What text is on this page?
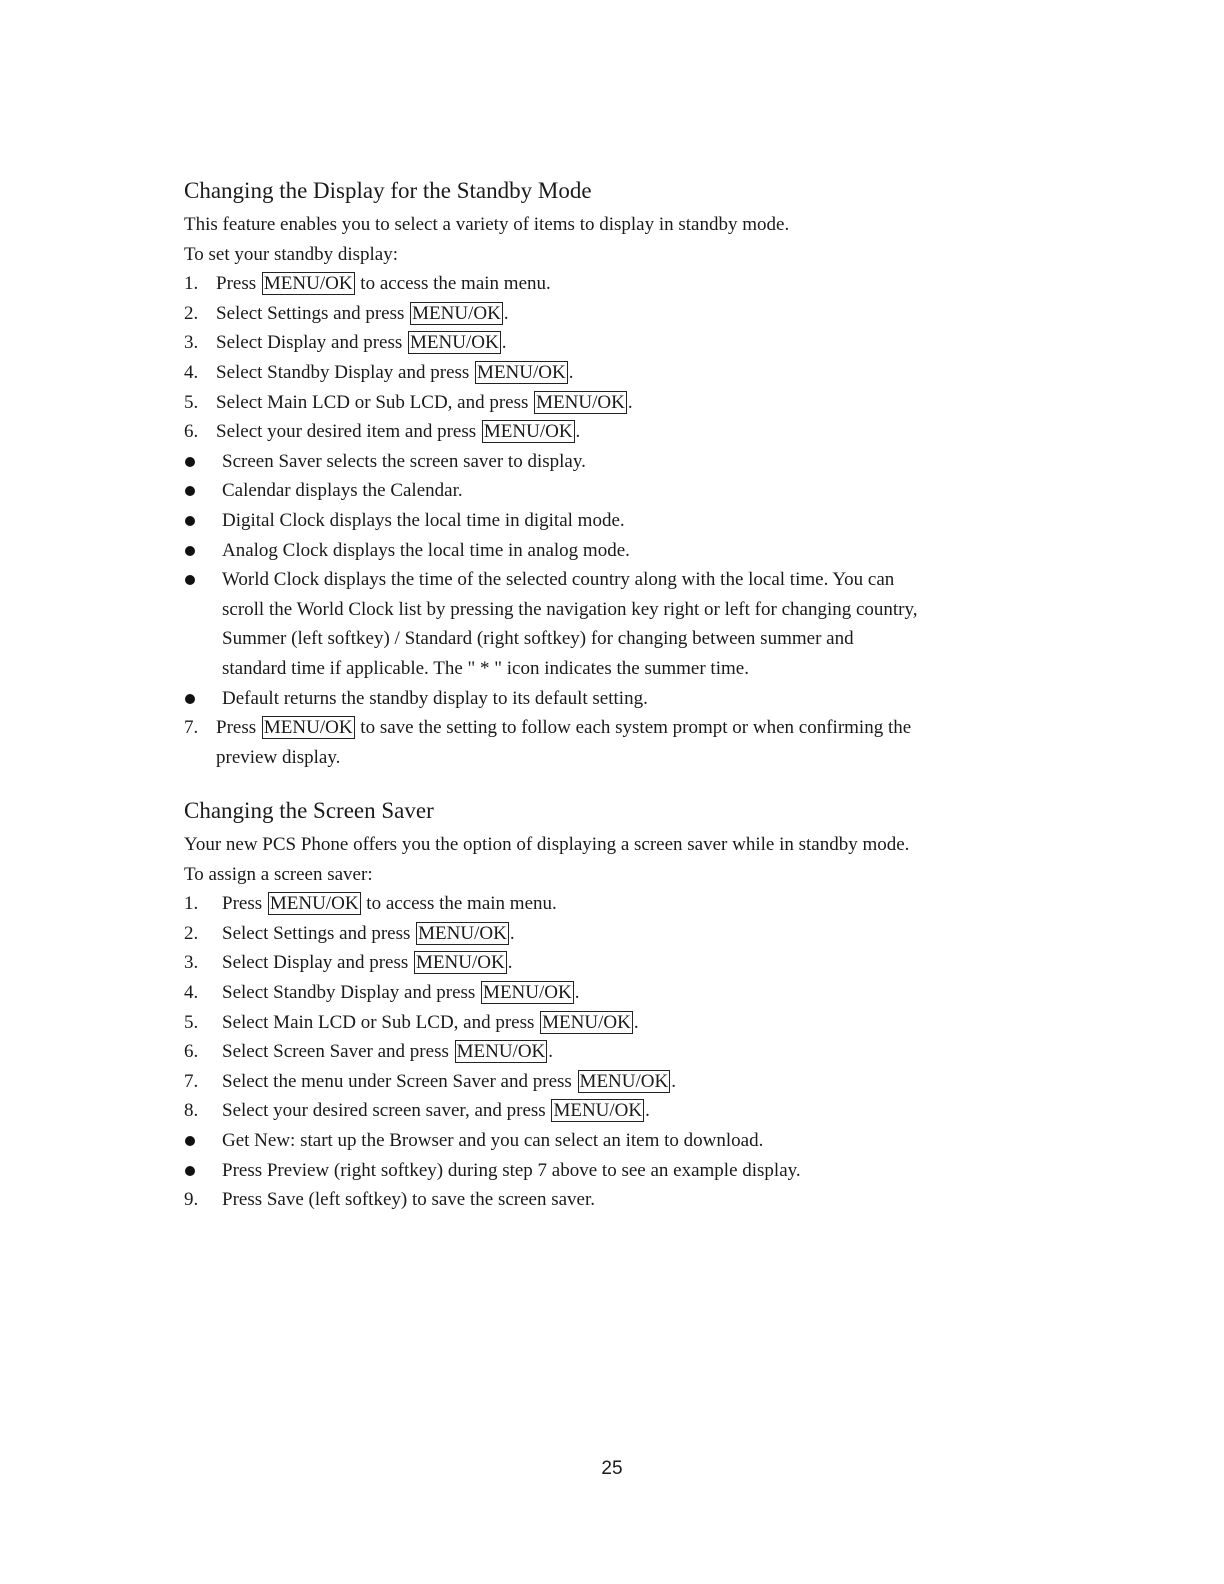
Changing the Display for the Standby Mode
This feature enables you to select a variety of items to display in standby mode.
To set your standby display:
1. Press MENU/OK to access the main menu.
2. Select Settings and press MENU/OK .
3. Select Display and press MENU/OK .
4. Select Standby Display and press MENU/OK .
5. Select Main LCD or Sub LCD, and press MENU/OK .
6. Select your desired item and press MENU/OK .
Screen Saver selects the screen saver to display.
Calendar displays the Calendar.
Digital Clock displays the local time in digital mode.
Analog Clock displays the local time in analog mode.
World Clock displays the time of the selected country along with the local time. You can
scroll the World Clock list by pressing the navigation key right or left for changing country,
Summer (left softkey) / Standard (right softkey) for changing between summer and
standard time if applicable. The " * " icon indicates the summer time.
Default returns the standby display to its default setting.
7. Press MENU/OK to save the setting to follow each system prompt or when confirming the
preview display.
Changing the Screen Saver
Your new PCS Phone offers you the option of displaying a screen saver while in standby mode.
To assign a screen saver:
1.	Press MENU/OK to access the main menu.
2.	Select Settings and press MENU/OK .
3.	Select Display and press MENU/OK .
4.	Select Standby Display and press MENU/OK .
5.	Select Main LCD or Sub LCD, and press MENU/OK .
6.	Select Screen Saver and press MENU/OK .
7.	Select the menu under Screen Saver and press MENU/OK .
8.	Select your desired screen saver, and press MENU/OK .
Get New: start up the Browser and you can select an item to download.
Press Preview (right softkey) during step 7 above to see an example display.
9.	Press Save (left softkey) to save the screen saver.
25
